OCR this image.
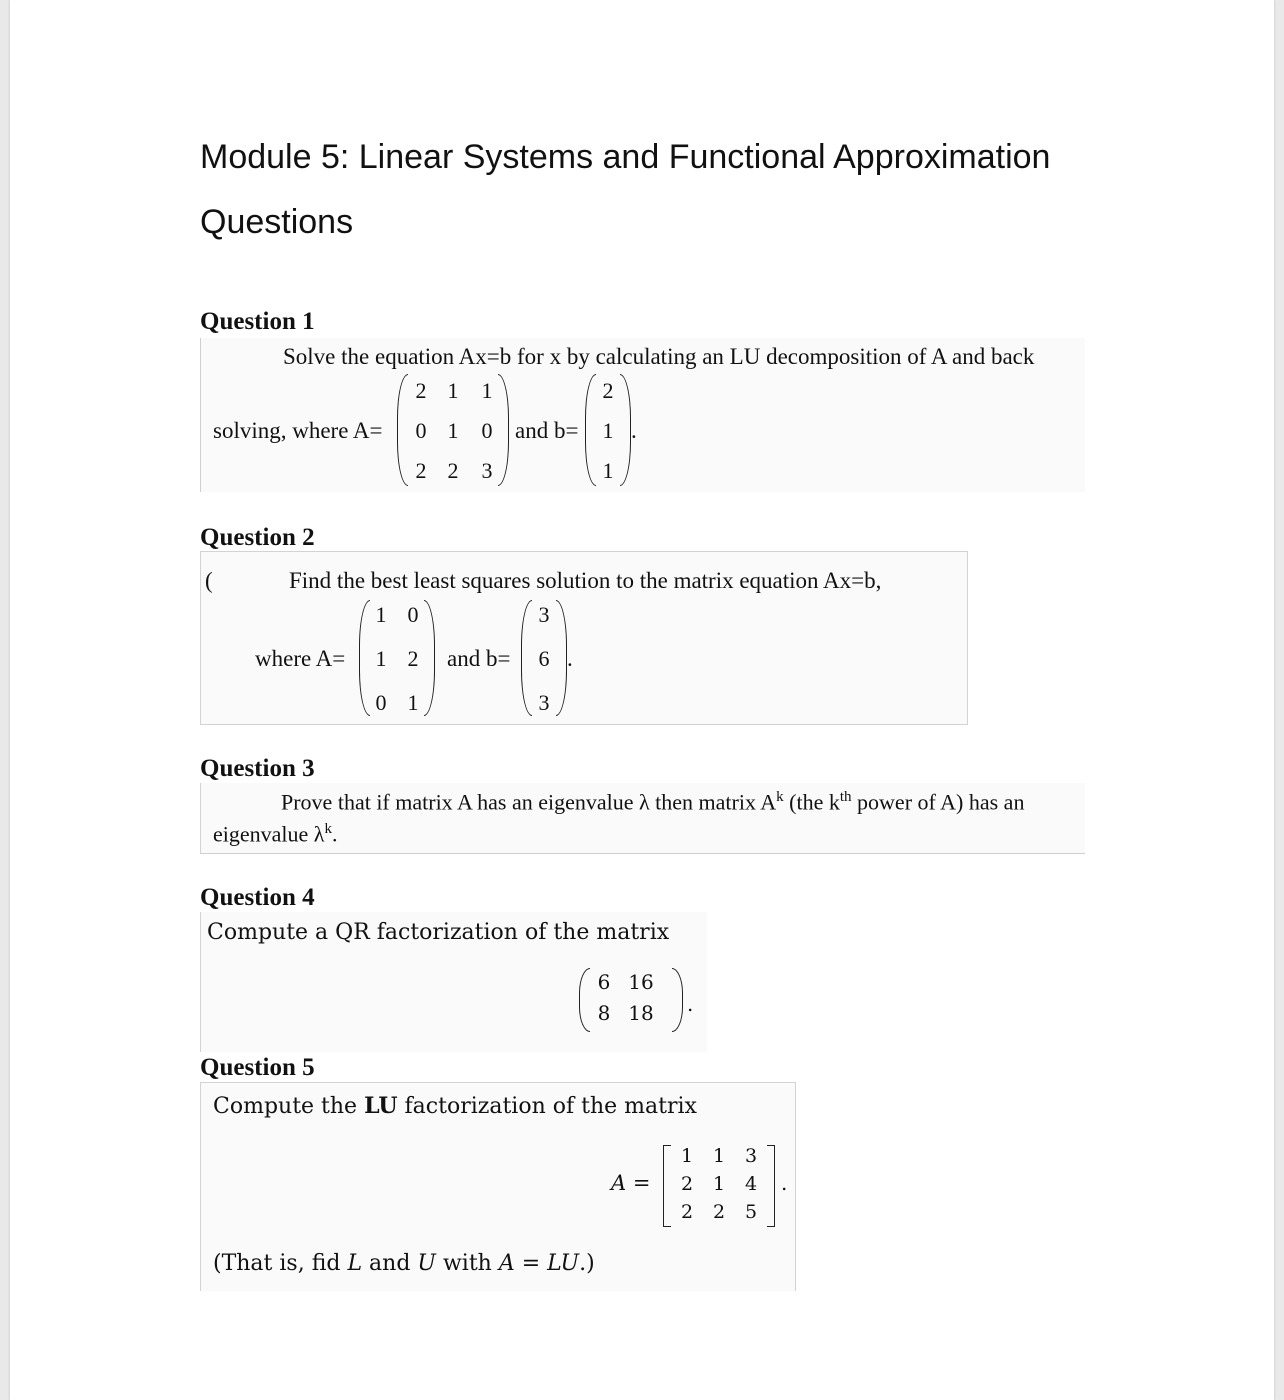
Module 5: Linear Systems and Functional Approximation
Questions
Question 1
Solve the equation Ax=b for x by calculating an LU decomposition of A and back
solving, where A=
2 1 1
0 1 0
2 2 3
and b=
2
1
1
.
Question 2
(	Find the best least squares solution to the matrix equation Ax=b,
where A=
1 0
1 2
0 1
and b=
3
6
3
.
Question 3
Prove that if matrix A has an eigenvalue λ then matrix $A^k$ (the $k^{th}$ power of A) has an
eigenvalue $\lambda^k$.
Question 4
Compute a QR factorization of the matrix
6 16
8 18 .
Question 5
Compute the LU factorization of the matrix
A =
1	1	3
2	1	4
2	2	5
.
(That is, fid L and U with A = LU.)
